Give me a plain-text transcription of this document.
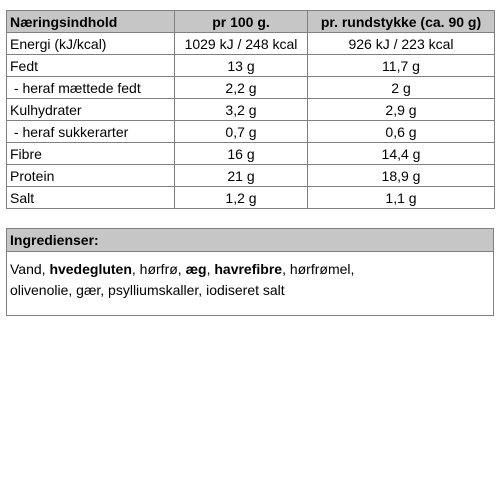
Næringsindhold	pr 100 g.	pr. rundstykke (ca. 90 g)
Energi (kJ/kcal)	1029 kJ / 248 kcal	926 kJ / 223 kcal
Fedt	13 g	11,7 g
- heraf mættede fedt	2,2 g	2 g
Kulhydrater	3,2 g	2,9 g
- heraf sukkerarter	0,7 g	0,6 g
Fibre	16 g	14,4 g
Protein	21 g	18,9 g
Salt	1,2 g	1,1 g
Ingredienser:
Vand, hvedegluten, hørfrø, æg, havrefibre, hørfrømel,
olivenolie, gær, psylliumskaller, iodiseret salt
